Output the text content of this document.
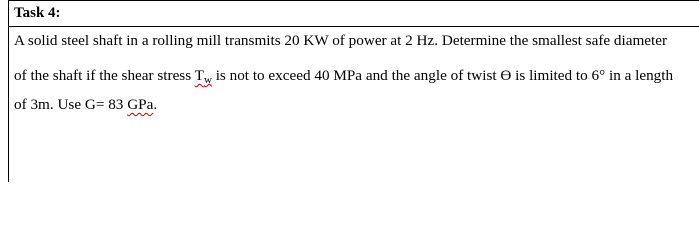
Task 4:
A solid steel shaft in a rolling mill transmits 20 KW of power at 2 Hz. Determine the smallest safe diameter
of the shaft if the shear stress $T_w$ is not to exceed 40 MPa and the angle of twist ϴ is limited to 6° in a length
of 3m. Use G= 83 GPa.
